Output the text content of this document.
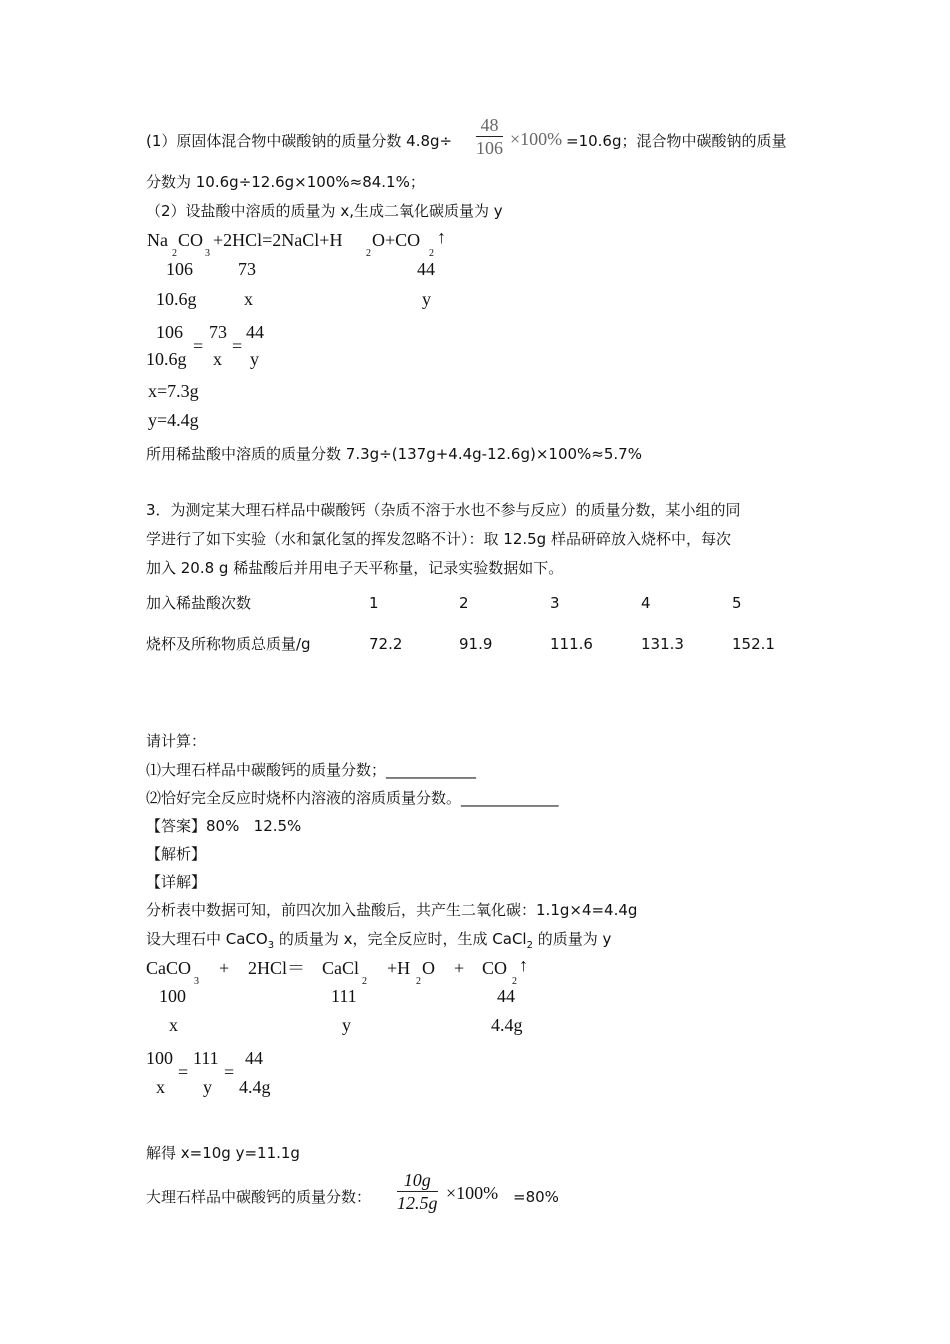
(1）原固体混合物中碳酸钠的质量分数 4.8g÷
48
106 ×100% =10.6g；混合物中碳酸钠的质量
分数为 10.6g÷12.6g×100%≈84.1%；
（2）设盐酸中溶质的质量为 x,生成二氧化碳质量为 y
Na
2
CO
3
+2HCl=2NaCl+H
2
O+CO
2
↑
106	73	44
10.6g	x	y
106
10.6g
=
73
x
=
44
y
x=7.3g
y=4.4g
所用稀盐酸中溶质的质量分数 7.3g÷(137g+4.4g-12.6g)×100%≈5.7%
3．为测定某大理石样品中碳酸钙（杂质不溶于水也不参与反应）的质量分数，某小组的同
学进行了如下实验（水和氯化氢的挥发忽略不计）：取 12.5g 样品研碎放入烧杯中，每次
加入 20.8 g 稀盐酸后并用电子天平称量，记录实验数据如下。
加入稀盐酸次数	1	2	3	4	5
烧杯及所称物质总质量/g	72.2	91.9	111.6	131.3	152.1
请计算：
⑴大理石样品中碳酸钙的质量分数；____________
⑵恰好完全反应时烧杯内溶液的溶质质量分数。_____________
【答案】80%   12.5%
【解析】
【详解】
分析表中数据可知，前四次加入盐酸后，共产生二氧化碳：1.1g×4=4.4g
设大理石中 CaCO$_3$ 的质量为 x，完全反应时，生成 CaCl$_2$ 的质量为 y
CaCO
3
+ 2HCl＝ CaCl
2
+H
2
O + CO
2
↑
100	111	44
x	y	4.4g
100
x
=
111
y
=
44
4.4g
解得 x=10g y=11.1g
大理石样品中碳酸钙的质量分数：
10g
12.5g ×100% =80%
